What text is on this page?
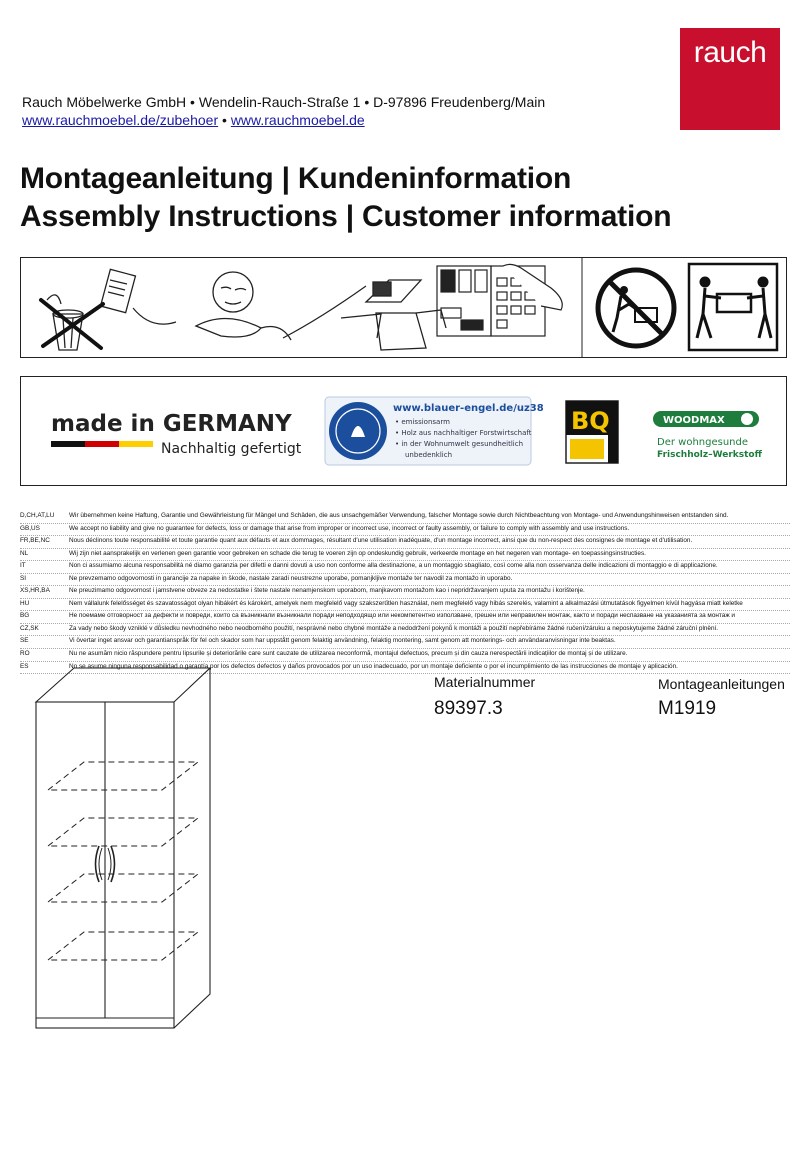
rauch
Rauch Möbelwerke GmbH • Wendelin-Rauch-Straße 1 • D-97896 Freudenberg/Main
www.rauchmoebel.de/zubehoer • www.rauchmoebel.de
Montageanleitung | Kundeninformation
Assembly Instructions | Customer information
made in GERMANY
Nachhaltig gefertigt
www.blauer-engel.de/uz38
• emissionsarm
• Holz aus nachhaltiger Forstwirtschaft
• in der Wohnumwelt gesundheitlich
unbedenklich
BQ	WOODMAX
Der wohngesunde
Frischholz–Werkstoff
D,CH,AT,LU	Wir übernehmen keine Haftung, Garantie und Gewährleistung für Mängel und Schäden, die aus unsachgemäßer Verwendung, falscher Montage sowie durch Nichtbeachtung von Montage- und Anwendungshinweisen entstanden sind.
GB,US	We accept no liability and give no guarantee for defects, loss or damage that arise from improper or incorrect use, incorrect or faulty assembly, or failure to comply with assembly and use instructions.
FR,BE,NC	Nous déclinons toute responsabilité et toute garantie quant aux défauts et aux dommages, résultant d'une utilisation inadéquate, d'un montage incorrect, ainsi que du non-respect des consignes de montage et d'utilisation.
NL	Wij zijn niet aansprakelijk en verlenen geen garantie voor gebreken en schade die terug te voeren zijn op ondeskundig gebruik, verkeerde montage en het negeren van montage- en toepassingsinstructies.
IT	Non ci assumiamo alcuna responsabilità né diamo garanzia per difetti e danni dovuti a uso non conforme alla destinazione, a un montaggio sbagliato, così come alla non osservanza delle indicazioni di montaggio e di applicazione.
SI	Ne prevzemamo odgovornosti in garancije za napake in škode, nastale zaradi neustrezne uporabe, pomanjkljive montaže ter navodil za montažo in uporabo.
XS,HR,BA	Ne preuzimamo odgovornost i jamstvene obveze za nedostatke i štete nastale nenamjenskom uporabom, manjkavom montažom kao i nepridržavanjem uputa za montažu i korištenje.
HU	Nem vállalunk felelősséget és szavatosságot olyan hibákért és károkért, amelyek nem megfelelő vagy szakszerűtlen használat, nem megfelelő vagy hibás szerelés, valamint a alkalmazási útmutatások figyelmen kívül hagyása miatt keletke
BG	Не поемаме отговорност за дефекти и повреди, които са възникнали възникнали поради неподходящо или некомпетентно използване, грешен или неправилен монтаж, както и поради неспазване на указанията за монтаж и
CZ,SK	Za vady nebo škody vzniklé v důsledku nevhodného nebo neodborného použití, nesprávné nebo chybné montáže a nedodržení pokynů k montáži a použití nepřebíráme žádné ručení/záruku a neposkytujeme žádné záruční plnění.
SE	Vi övertar inget ansvar och garantianspråk för fel och skador som har uppstått genom felaktig användning, felaktig montering, samt genom att monterings- och användaranvisningar inte beaktas.
RO	Nu ne asumăm nicio răspundere pentru lipsurile și deteriorările care sunt cauzate de utilizarea neconformă, montajul defectuos, precum și din cauza nerespectării indicațiilor de montaj și de utilizare.
ES	No se asume ninguna responsabilidad o garantía por los defectos defectos y daños provocados por un uso inadecuado, por un montaje deficiente o por el incumplimiento de las instrucciones de montaje y aplicación.
Materialnummer
89397.3
Montageanleitungen
M1919
